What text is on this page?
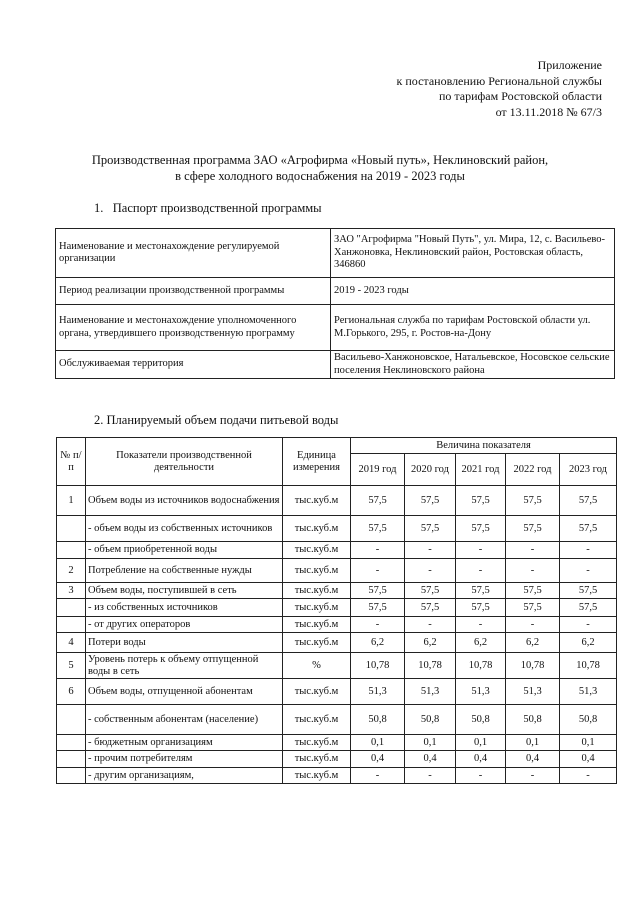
Приложение
к постановлению Региональной службы
по тарифам Ростовской области
от 13.11.2018 № 67/3
Производственная программа ЗАО «Агрофирма «Новый путь», Неклиновский район,
в сфере холодного водоснабжения на 2019 - 2023 годы
1.   Паспорт производственной программы
Наименование и местонахождение регулируемой организации	ЗАО "Агрофирма "Новый Путь", ул. Мира, 12, с. Васильево-Ханжоновка, Неклиновский район, Ростовская область, 346860
Период реализации производственной программы	2019 - 2023 годы
Наименование и местонахождение уполномоченного органа, утвердившего производственную программу	Региональная служба по тарифам Ростовской области ул. М.Горького, 295, г. Ростов-на-Дону
Обслуживаемая территория	Васильево-Ханжоновское, Натальевское, Носовское сельские поселения Неклиновского района
2. Планируемый объем подачи питьевой воды
№ п/п	Показатели производственной деятельности	Единица измерения	Величина показателя				
			2019 год	2020 год	2021 год	2022 год	2023 год
1	Объем воды из источников водоснабжения	тыс.куб.м	57,5	57,5	57,5	57,5	57,5
	- объем воды из собственных источников	тыс.куб.м	57,5	57,5	57,5	57,5	57,5
	- объем приобретенной воды	тыс.куб.м	-	-	-	-	-
2	Потребление на собственные нужды	тыс.куб.м	-	-	-	-	-
3	Объем воды, поступившей в сеть	тыс.куб.м	57,5	57,5	57,5	57,5	57,5
	- из собственных источников	тыс.куб.м	57,5	57,5	57,5	57,5	57,5
	- от других операторов	тыс.куб.м	-	-	-	-	-
4	Потери воды	тыс.куб.м	6,2	6,2	6,2	6,2	6,2
5	Уровень потерь к объему отпущенной воды в сеть	%	10,78	10,78	10,78	10,78	10,78
6	Объем воды, отпущенной абонентам	тыс.куб.м	51,3	51,3	51,3	51,3	51,3
	- собственным абонентам (население)	тыс.куб.м	50,8	50,8	50,8	50,8	50,8
	- бюджетным организациям	тыс.куб.м	0,1	0,1	0,1	0,1	0,1
	- прочим потребителям	тыс.куб.м	0,4	0,4	0,4	0,4	0,4
	- другим организациям,	тыс.куб.м	-	-	-	-	-
